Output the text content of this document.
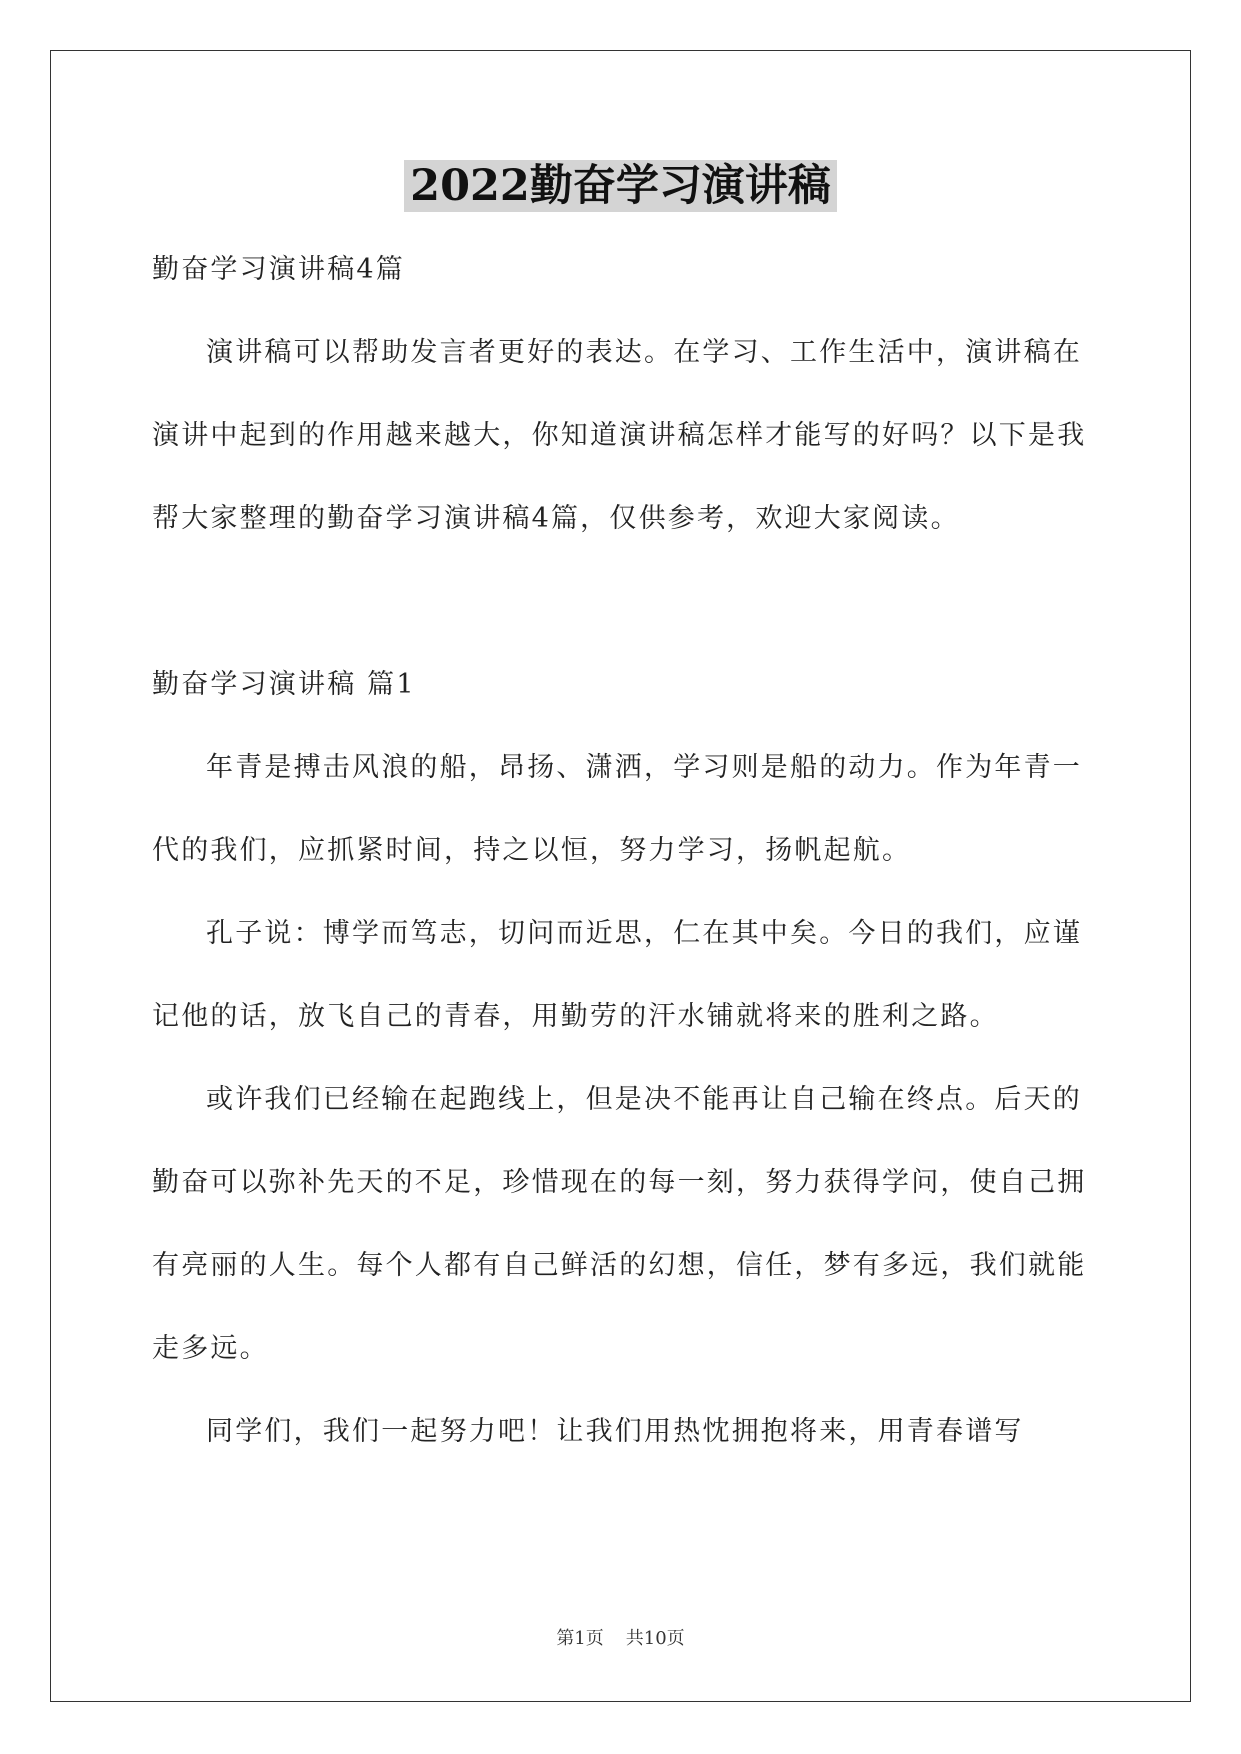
2022勤奋学习演讲稿

勤奋学习演讲稿4篇

演讲稿可以帮助发言者更好的表达。在学习、工作生活中，演讲稿在演讲中起到的作用越来越大，你知道演讲稿怎样才能写的好吗？以下是我帮大家整理的勤奋学习演讲稿4篇，仅供参考，欢迎大家阅读。

勤奋学习演讲稿 篇1

年青是搏击风浪的船，昂扬、潇洒，学习则是船的动力。作为年青一代的我们，应抓紧时间，持之以恒，努力学习，扬帆起航。

孔子说：博学而笃志，切问而近思，仁在其中矣。今日的我们，应谨记他的话，放飞自己的青春，用勤劳的汗水铺就将来的胜利之路。

或许我们已经输在起跑线上，但是决不能再让自己输在终点。后天的勤奋可以弥补先天的不足，珍惜现在的每一刻，努力获得学问，使自己拥有亮丽的人生。每个人都有自己鲜活的幻想，信任，梦有多远，我们就能走多远。

同学们，我们一起努力吧！让我们用热忱拥抱将来，用青春谱写

第1页 共10页
